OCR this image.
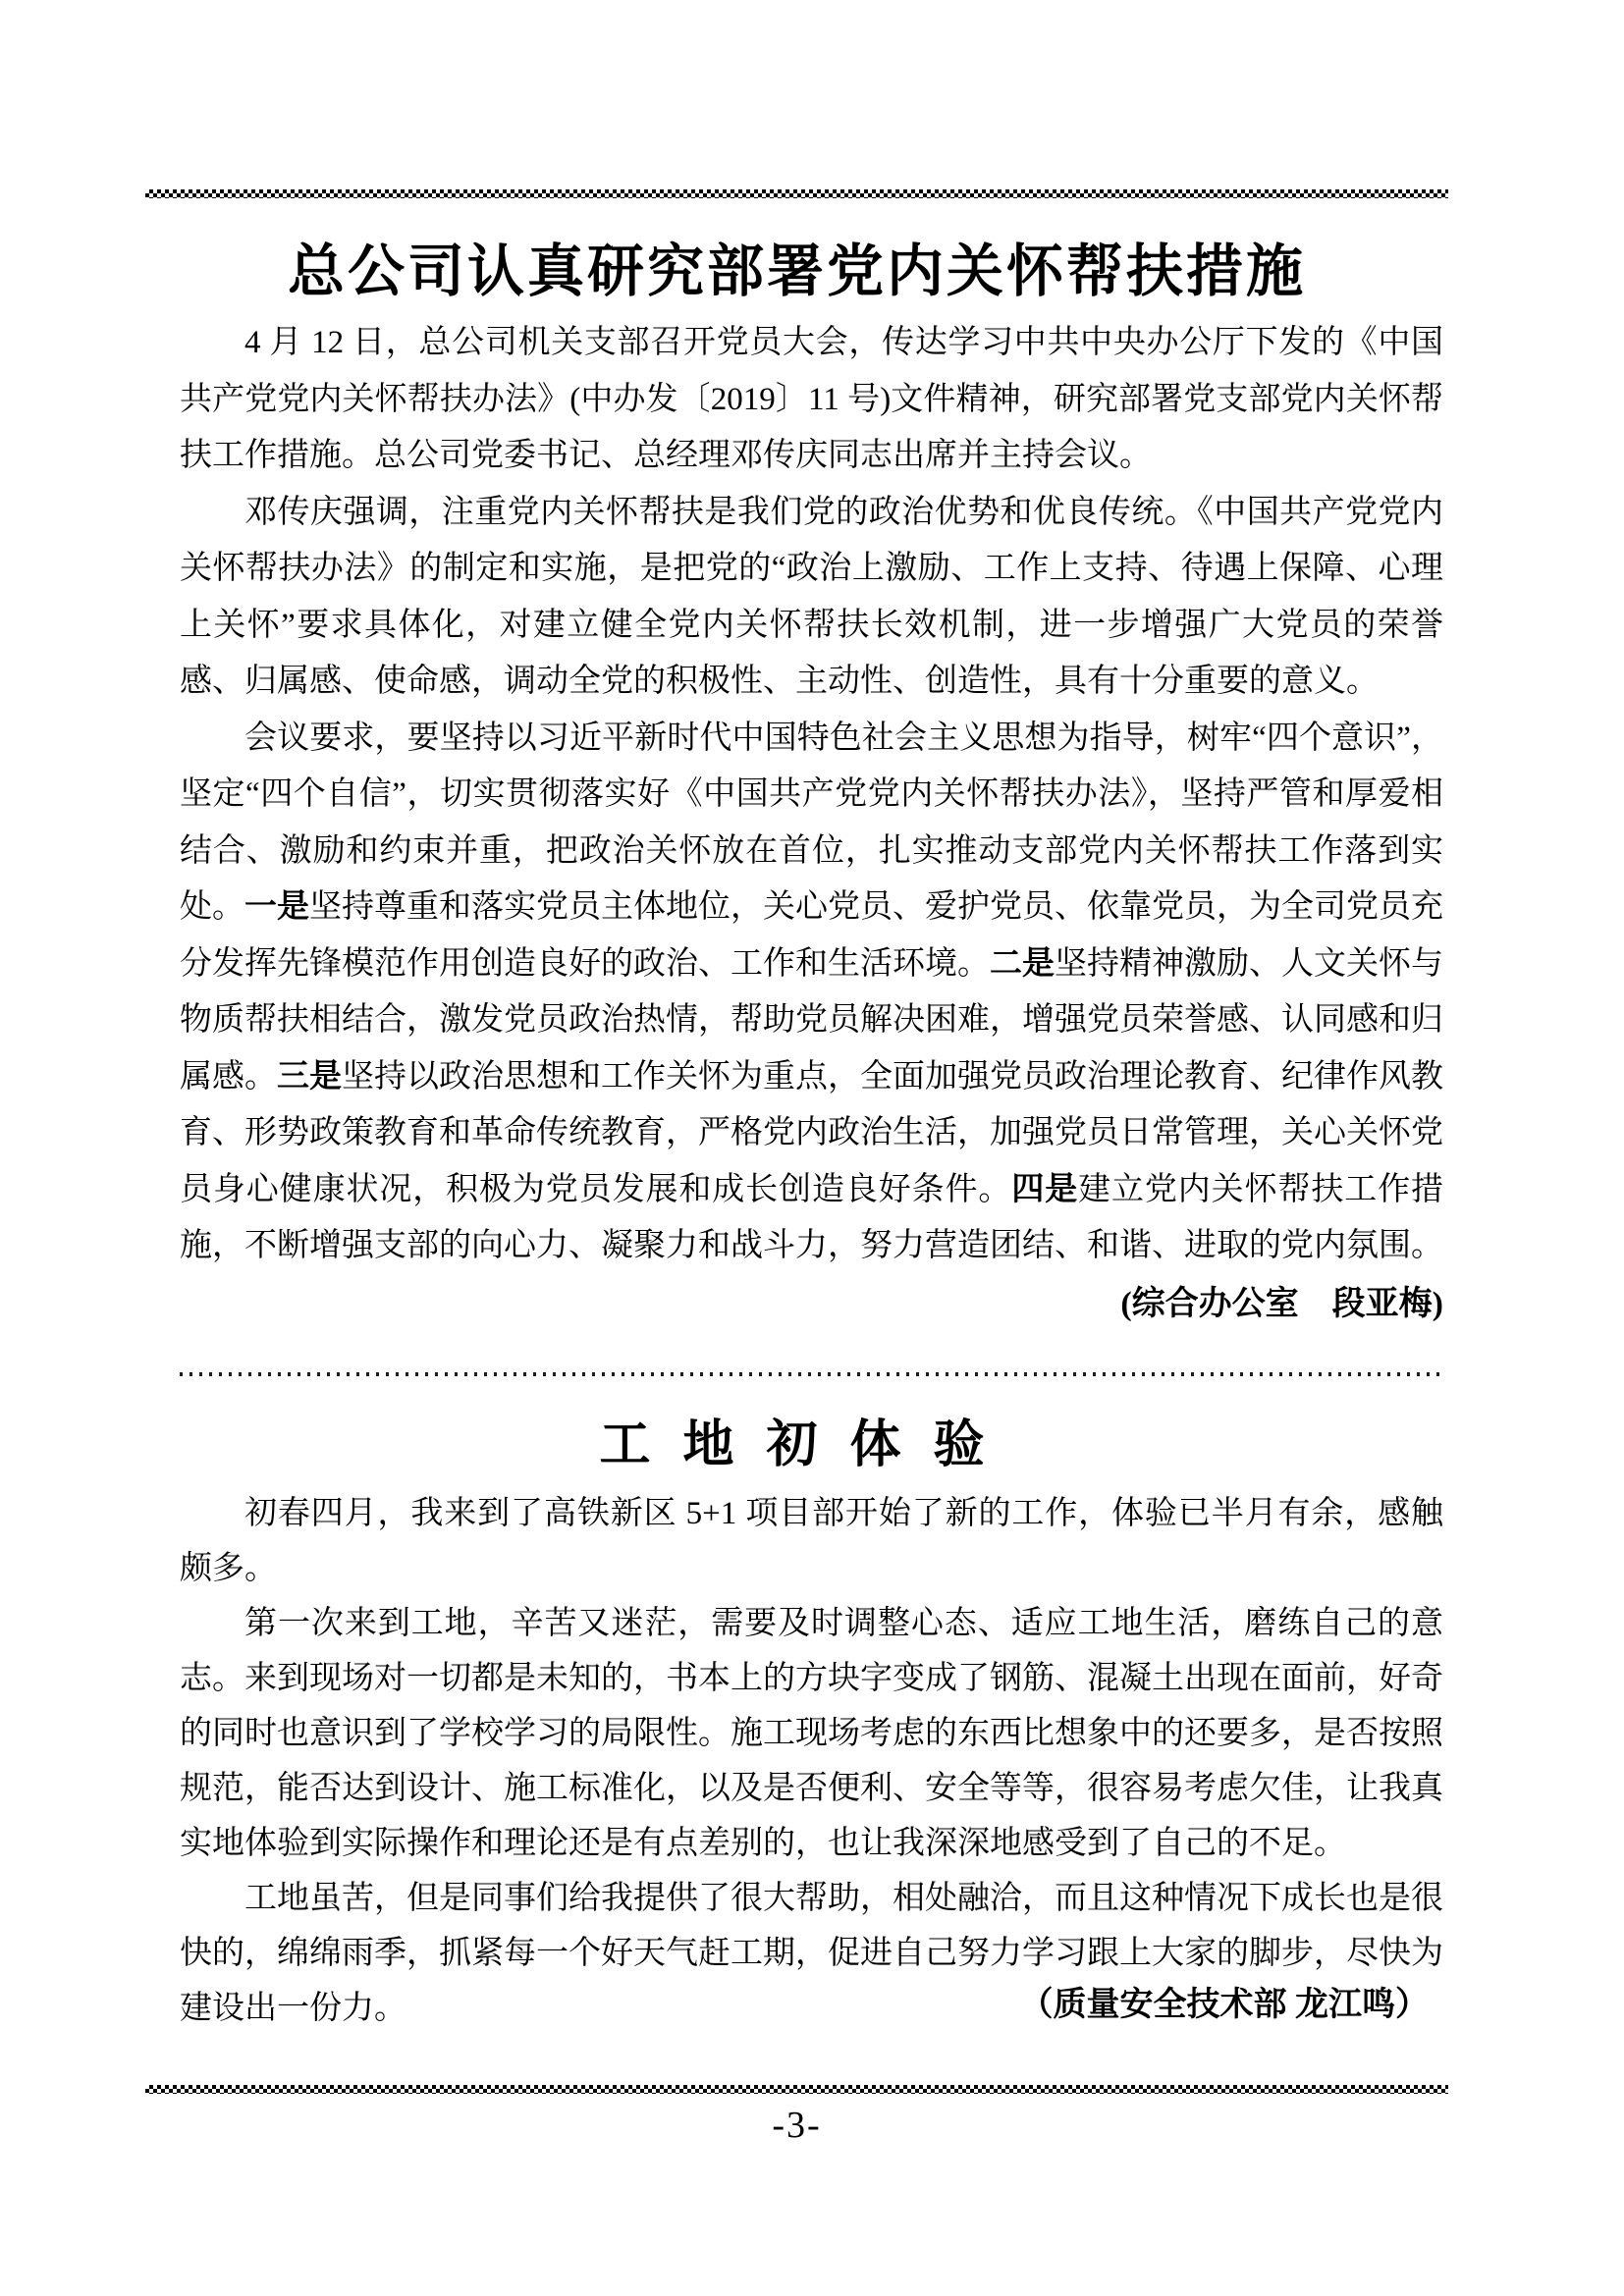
总公司认真研究部署党内关怀帮扶措施

4 月 12 日，总公司机关支部召开党员大会，传达学习中共中央办公厅下发的《中国共产党党内关怀帮扶办法》(中办发〔2019〕11 号)文件精神，研究部署党支部党内关怀帮扶工作措施。总公司党委书记、总经理邓传庆同志出席并主持会议。

邓传庆强调，注重党内关怀帮扶是我们党的政治优势和优良传统。《中国共产党党内关怀帮扶办法》的制定和实施，是把党的“政治上激励、工作上支持、待遇上保障、心理上关怀”要求具体化，对建立健全党内关怀帮扶长效机制，进一步增强广大党员的荣誉感、归属感、使命感，调动全党的积极性、主动性、创造性，具有十分重要的意义。

会议要求，要坚持以习近平新时代中国特色社会主义思想为指导，树牢“四个意识”，坚定“四个自信”，切实贯彻落实好《中国共产党党内关怀帮扶办法》，坚持严管和厚爱相结合、激励和约束并重，把政治关怀放在首位，扎实推动支部党内关怀帮扶工作落到实处。一是坚持尊重和落实党员主体地位，关心党员、爱护党员、依靠党员，为全司党员充分发挥先锋模范作用创造良好的政治、工作和生活环境。二是坚持精神激励、人文关怀与物质帮扶相结合，激发党员政治热情，帮助党员解决困难，增强党员荣誉感、认同感和归属感。三是坚持以政治思想和工作关怀为重点，全面加强党员政治理论教育、纪律作风教育、形势政策教育和革命传统教育，严格党内政治生活，加强党员日常管理，关心关怀党员身心健康状况，积极为党员发展和成长创造良好条件。四是建立党内关怀帮扶工作措施，不断增强支部的向心力、凝聚力和战斗力，努力营造团结、和谐、进取的党内氛围。

(综合办公室　段亚梅)
工 地 初 体 验

初春四月，我来到了高铁新区 5+1 项目部开始了新的工作，体验已半月有余，感触颇多。

第一次来到工地，辛苦又迷茫，需要及时调整心态、适应工地生活，磨练自己的意志。来到现场对一切都是未知的，书本上的方块字变成了钢筋、混凝土出现在面前，好奇的同时也意识到了学校学习的局限性。施工现场考虑的东西比想象中的还要多，是否按照规范，能否达到设计、施工标准化，以及是否便利、安全等等，很容易考虑欠佳，让我真实地体验到实际操作和理论还是有点差别的，也让我深深地感受到了自己的不足。

工地虽苦，但是同事们给我提供了很大帮助，相处融洽，而且这种情况下成长也是很快的，绵绵雨季，抓紧每一个好天气赶工期，促进自己努力学习跟上大家的脚步，尽快为建设出一份力。	（质量安全技术部 龙江鸣）
-3-
